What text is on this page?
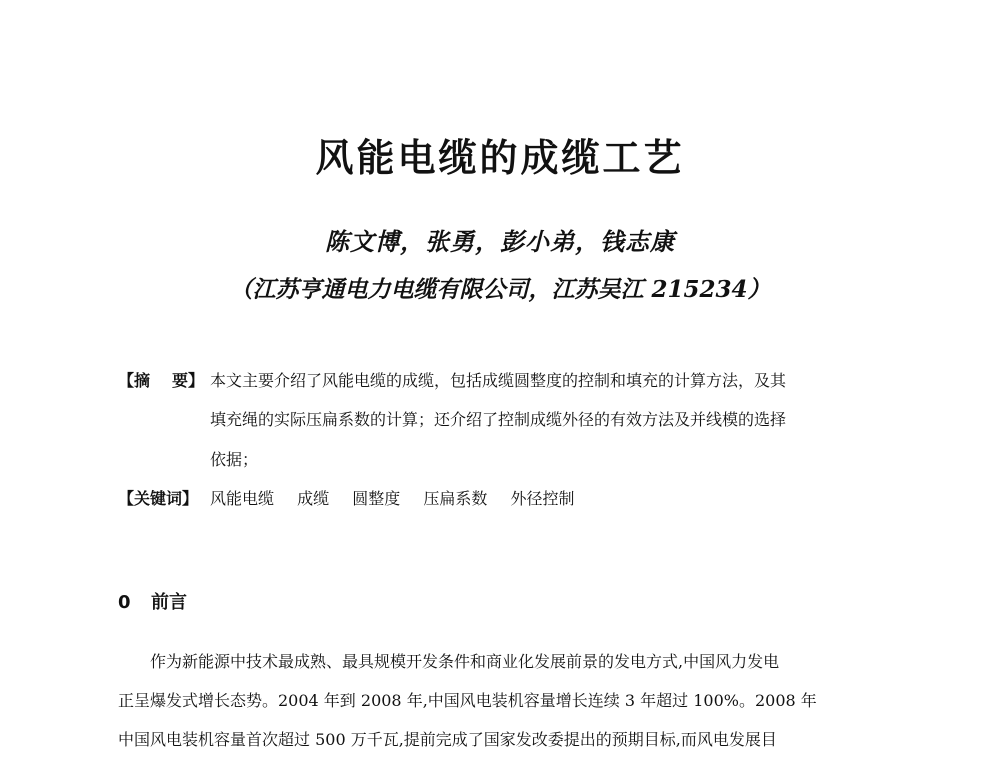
风能电缆的成缆工艺
陈文博，张勇，彭小弟，钱志康
（江苏亨通电力电缆有限公司，江苏吴江 215234）
【摘 要】 本文主要介绍了风能电缆的成缆，包括成缆圆整度的控制和填充的计算方法，及其
填充绳的实际压扁系数的计算；还介绍了控制成缆外径的有效方法及并线模的选择
依据；
【关键词】 风能电缆 成缆 圆整度 压扁系数 外径控制
0 前言
作为新能源中技术最成熟、最具规模开发条件和商业化发展前景的发电方式,中国风力发电
正呈爆发式增长态势。2004 年到 2008 年,中国风电装机容量增长连续 3 年超过 100%。2008 年
中国风电装机容量首次超过 500 万千瓦,提前完成了国家发改委提出的预期目标,而风电发展目
